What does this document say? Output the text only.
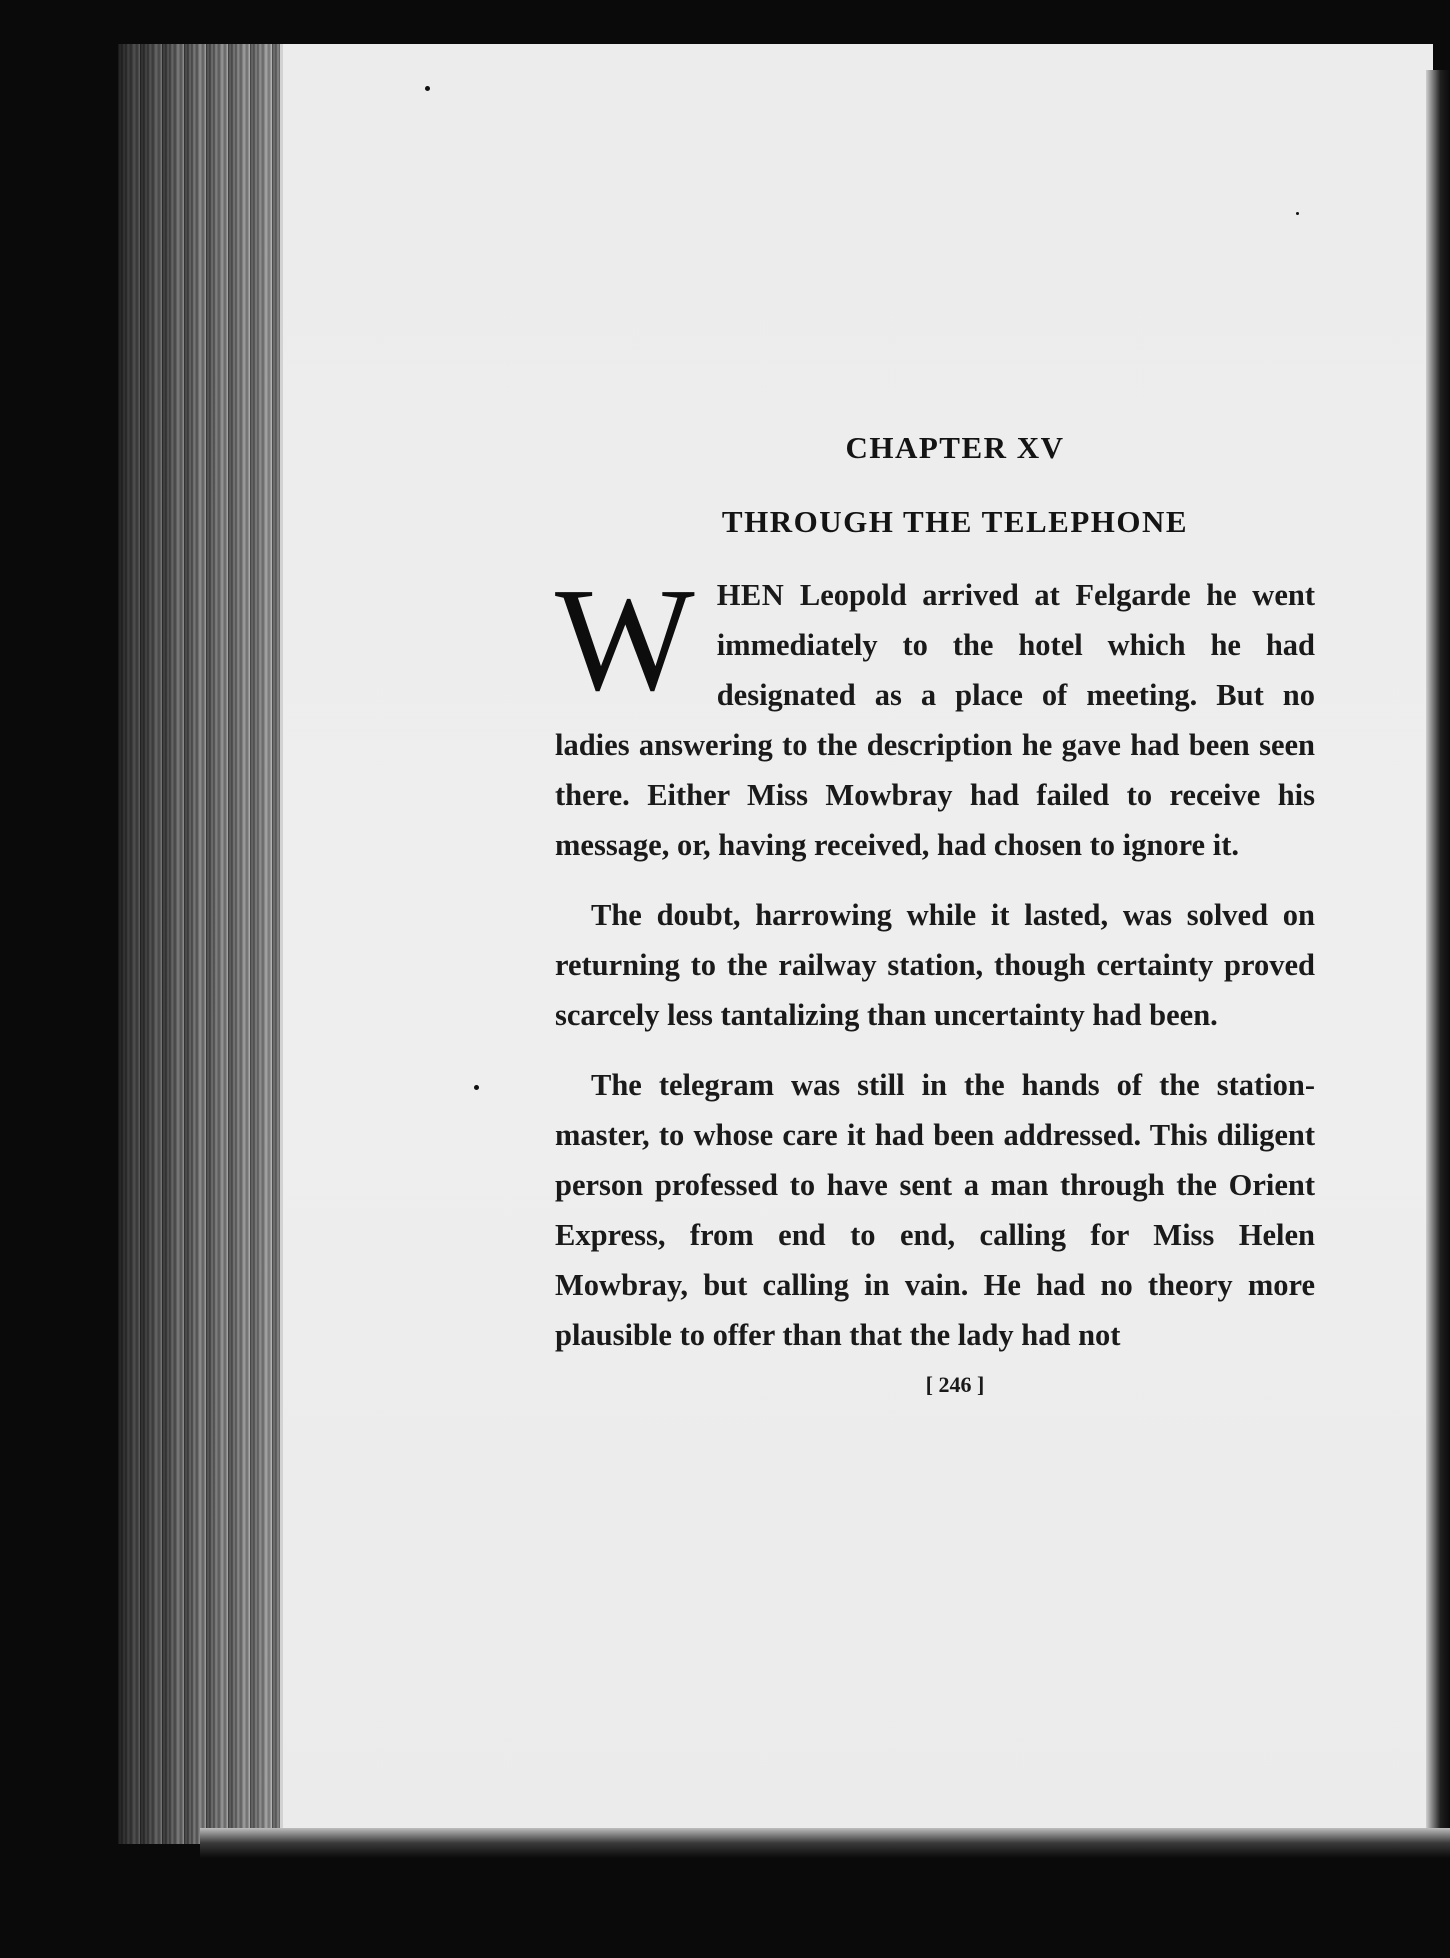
CHAPTER XV
THROUGH THE TELEPHONE

WHEN Leopold arrived at Felgarde he went immediately to the hotel which he had designated as a place of meeting. But no ladies answering to the description he gave had been seen there. Either Miss Mowbray had failed to receive his message, or, having received, had chosen to ignore it.

The doubt, harrowing while it lasted, was solved on returning to the railway station, though certainty proved scarcely less tantalizing than uncertainty had been.

The telegram was still in the hands of the station-master, to whose care it had been addressed. This diligent person professed to have sent a man through the Orient Express, from end to end, calling for Miss Helen Mowbray, but calling in vain. He had no theory more plausible to offer than that the lady had not

[ 246 ]
